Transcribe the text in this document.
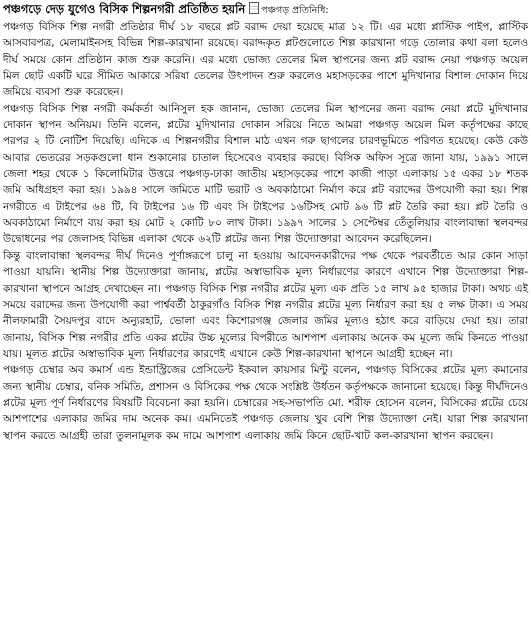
পঞ্চগড়ে দেড় যুগেও বিসিক শিল্পনগরী প্রতিষ্ঠিত হয়নি পঞ্চগড় প্রতিনিধি:

পঞ্চগড় বিসিক শিল্প নগরী প্রতিষ্ঠার দীর্ঘ ১৮ বছরে প্লট বরাদ্দ দেয়া হয়েছে মাত্র ১২ টি। এর মধ্যে প্লাস্টিক পাইপ, প্লাস্টিক আসবাবপত্র, মেলামাইনসহ বিভিন্ন শিল্প-কারখানা রয়েছে। বরাদ্দকৃত প্লটগুলোতে শিল্প কারখানা গড়ে তোলার কথা বলা হলেও দীর্ঘ সময়ে কোন প্রতিষ্ঠান কাজ শুরু করেনি। এর মধ্যে ভোজ্য তেলের মিল স্থাপনের জন্য প্লট বরাদ্দ নেয়া পঞ্চগড় অয়েল মিল ছোট একটি ঘরে সীমিত আকারে সরিষা তেলের উৎপাদন শুরু করলেও মহাসড়কের পাশে মুদিখানার বিশাল দোকান দিয়ে জমিয়ে ব্যবসা শুরু করেছেন।

পঞ্চগড় বিসিক শিল্প নগরী কর্মকর্তা আনিসুল হক জানান, ভোজ্য তেলের মিল স্থাপনের জন্য বরাদ্দ নেয়া প্লটে মুদিখানার দোকান স্থাপন অনিয়ম। তিনি বলেন, প্লটের মুদিখানার দোকান সরিয়ে নিতে আমরা পঞ্চগড় অয়েল মিল কর্তৃপক্ষের কাছে পরপর ২ টি নোটিশ দিয়েছি। এদিকে এ শিল্পনগরীর বিশাল মাঠ এখন গরু ছাগলের চারণভূমিতে পরিণত হয়েছে। কেউ কেউ আবার ভেতরের সড়কগুলো ধান শুকানোর চাতাল হিসেবেও ব্যবহার করছে। বিসিক অফিস সূত্রে জানা যায়, ১৯৯১ সালে জেলা শহর থেকে ১ কিলোমিটার উত্তরে পঞ্চগড়-ঢাকা জাতীয় মহাসড়কের পাশে কাজী পাড়া এলাকায় ১৫ একর ১৮ শতক জমি অধিগ্রহণ করা হয়। ১৯৯৪ সালে জমিতে মাটি ভরাট ও অবকাঠামো নির্মাণ করে প্লট বরাদ্দের উপযোগী করা হয়। শিল্প নগরীতে এ টাইপের ৬৪ টি, বি টাইপের ১৬ টি এবং সি টাইপের ১৬টিসহ মোট ৯৬ টি প্লট তৈরি করা হয়। প্লট তৈরি ও অবকাঠামো নির্মাণে ব্যয় করা হয় মোট ২ কোটি ৮০ লাখ টাকা। ১৯৯৭ সালের ১ সেপ্টেম্বর তেঁতুলিয়ার বাংলাবান্ধা স্থলবন্দর উদ্বোধনের পর জেলাসহ বিভিন্ন এলাকা থেকে ৬২টি প্লটের জন্য শিল্প উদ্যোক্তারা আবেদন করেছিলেন।

কিন্তু বাংলাবান্ধা স্থলবন্দর দীর্ঘ দিনেও পূর্ণাঙ্গরূপে চালু না হওয়ায় আবেদনকারীদের পক্ষ থেকে পরবর্তীতে আর কোন সাড়া পাওয়া যায়নি। স্থানীয় শিল্প উদ্যোক্তারা জানায়, প্লটের অস্বাভাবিক মূল্য নির্ধারণের কারণে এখানে শিল্প উদ্যোক্তারা শিল্প-কারখানা স্থাপনে আগ্রহ দেখাচ্ছেন না। পঞ্চগড় বিসিক শিল্প নগরীর প্লটের মূল্য এক প্রতি ১৫ লাখ ৯৫ হাজার টাকা। অথচ এই সময়ে বরাদ্দের জন্য উপযোগী করা পার্শ্ববর্তী ঠাকুরগাঁও বিসিক শিল্প নগরীর প্লটের মূল্য নির্ধারণ করা হয় ৫ লক্ষ টাকা। এ সময় নীলফামারী সৈয়দপুর বাদে অন্যুরহাট, ভোলা এবং কিশোরগঞ্জ জেলার জমির মূল্যও হঠাৎ করে বাড়িয়ে দেয়া হয়। তারা জানায়, বিসিক শিল্প নগরীর প্রতি একর প্লটের উচ্চ মূল্যের বিপরীতে আশপাশ এলাকায় অনেক কম মূল্যে জমি কিনতে পাওয়া যায়। মূলত প্লটের অস্বাভাবিক মূল্য নির্ধারণের কারণেই এখানে কেউ শিল্প-কারখানা স্থাপনে আগ্রহী হচ্ছেন না।

পঞ্চগড় চেম্বার অব কমার্স এন্ড ইন্ডাস্ট্রিজের প্রেসিডেন্ট ইকবাল কায়সার মিন্টু বলেন, পঞ্চগড় বিসিকের প্লটের মূল্য কমানোর জন্য স্থানীয় চেম্বার, বনিক সমিতি, প্রশাসন ও বিসিকের পক্ষ থেকে সংশ্লিষ্ট উর্ধতন কর্তৃপক্ষকে জানানো হয়েছে। কিন্তু দীর্ঘদিনেও প্লটের মূল্য পূর্ণ নির্ধারণের বিষয়টি বিবেচনা করা হয়নি। চেম্বারের সহ-সভাপতি মো. শরীফ হোসেন বলেন, বিসিকের প্লটের চেয়ে আশপাশের এলাকার জমির দাম অনেক কম। এমনিতেই পঞ্চগড় জেলায় খুব বেশি শিল্প উদ্যোক্তা নেই। যারা শিল্প কারখানা স্থাপন করতে আগ্রহী তারা তুলনামূলক কম দামে আশপাশ এলাকায় জমি কিনে ছোট-খাট কল-কারখানা স্থাপন করছেন।
